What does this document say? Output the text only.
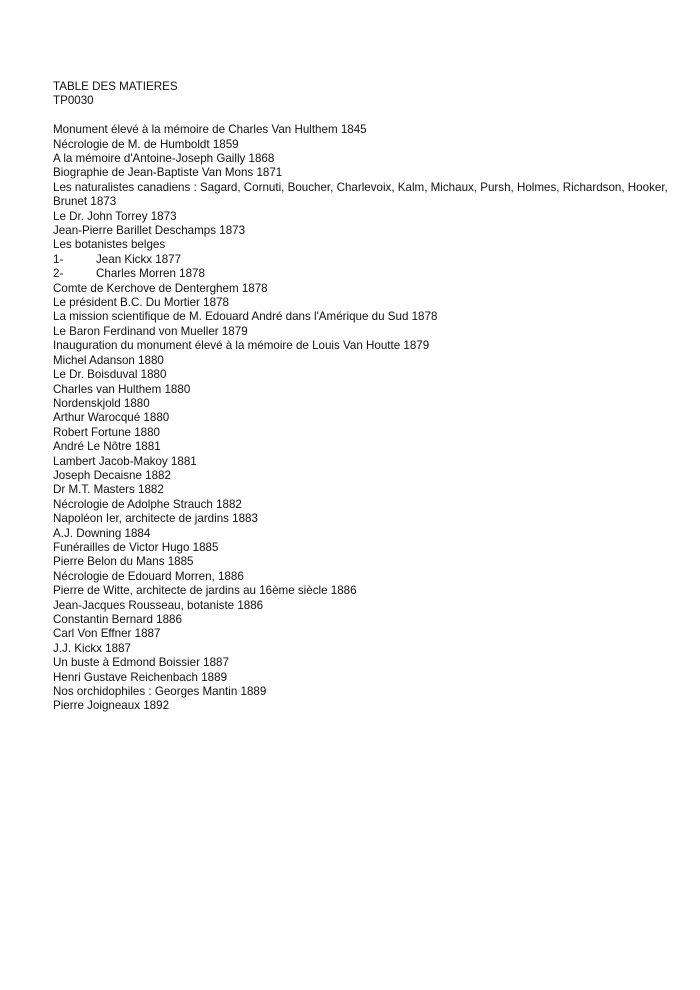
TABLE DES MATIERES
TP0030
Monument élevé à la mémoire de Charles Van Hulthem 1845
Nécrologie de M. de Humboldt 1859
A la mémoire d'Antoine-Joseph Gailly 1868
Biographie de Jean-Baptiste Van Mons 1871
Les naturalistes canadiens : Sagard, Cornuti, Boucher, Charlevoix, Kalm, Michaux, Pursh, Holmes, Richardson, Hooker, Brunet 1873
Le Dr. John Torrey 1873
Jean-Pierre Barillet Deschamps 1873
Les botanistes belges
1-	Jean Kickx 1877
2-	Charles Morren 1878
Comte de Kerchove de Denterghem 1878
Le président B.C. Du Mortier 1878
La mission scientifique de M. Edouard André dans l'Amérique du Sud 1878
Le Baron Ferdinand von Mueller 1879
Inauguration du monument élevé à la mémoire de Louis Van Houtte 1879
Michel Adanson 1880
Le Dr. Boisduval 1880
Charles van Hulthem 1880
Nordenskjold 1880
Arthur Warocqué 1880
Robert Fortune 1880
André Le Nôtre 1881
Lambert Jacob-Makoy 1881
Joseph Decaisne 1882
Dr M.T. Masters 1882
Nécrologie de Adolphe Strauch 1882
Napoléon Ier, architecte de jardins 1883
A.J. Downing 1884
Funérailles de Victor Hugo 1885
Pierre Belon du Mans 1885
Nécrologie de Edouard Morren, 1886
Pierre de Witte, architecte de jardins au 16ème siècle 1886
Jean-Jacques Rousseau, botaniste 1886
Constantin Bernard 1886
Carl Von Effner 1887
J.J. Kickx 1887
Un buste à Edmond Boissier 1887
Henri Gustave Reichenbach 1889
Nos orchidophiles : Georges Mantin 1889
Pierre Joigneaux 1892
